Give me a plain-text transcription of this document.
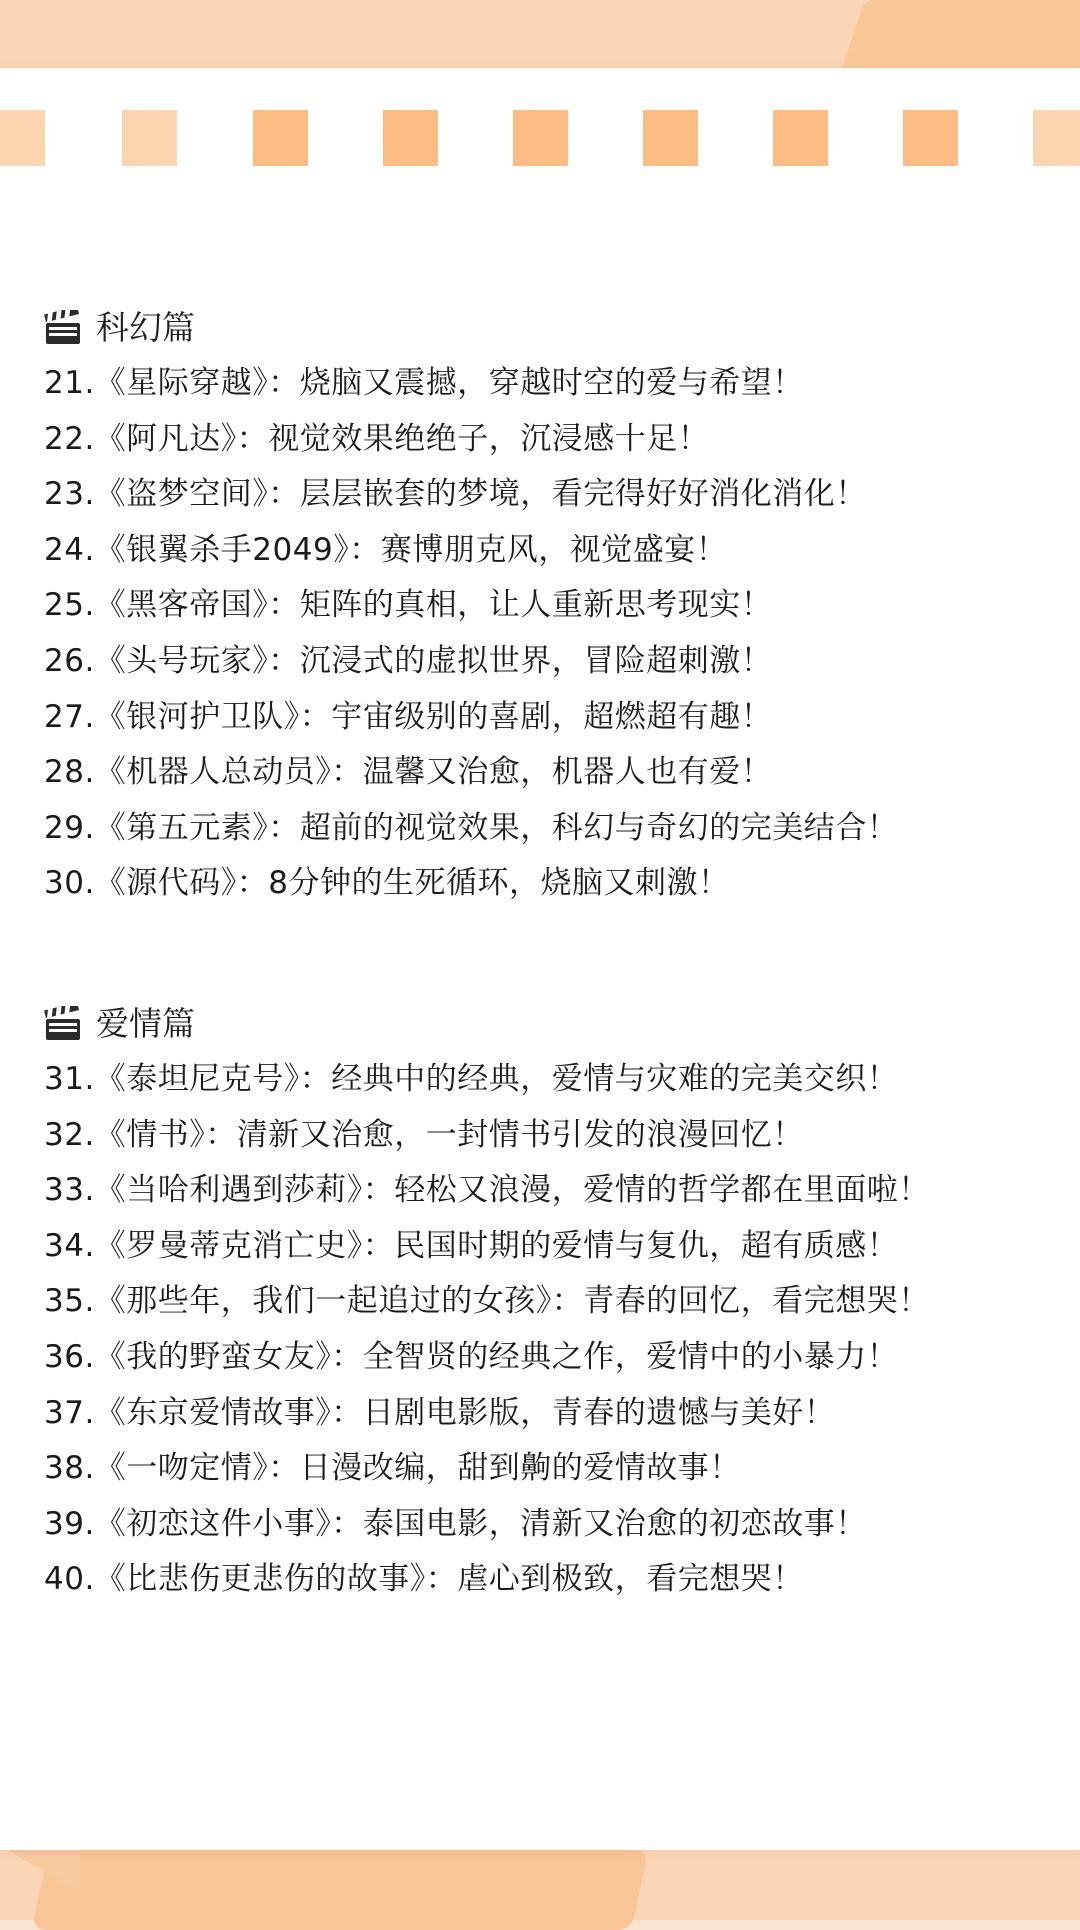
科幻篇
21.《星际穿越》：烧脑又震撼，穿越时空的爱与希望！
22.《阿凡达》：视觉效果绝绝子，沉浸感十足！
23.《盗梦空间》：层层嵌套的梦境，看完得好好消化消化！
24.《银翼杀手2049》：赛博朋克风，视觉盛宴！
25.《黑客帝国》：矩阵的真相，让人重新思考现实！
26.《头号玩家》：沉浸式的虚拟世界，冒险超刺激！
27.《银河护卫队》：宇宙级别的喜剧，超燃超有趣！
28.《机器人总动员》：温馨又治愈，机器人也有爱！
29.《第五元素》：超前的视觉效果，科幻与奇幻的完美结合！
30.《源代码》：8分钟的生死循环，烧脑又刺激！
爱情篇
31.《泰坦尼克号》：经典中的经典，爱情与灾难的完美交织！
32.《情书》：清新又治愈，一封情书引发的浪漫回忆！
33.《当哈利遇到莎莉》：轻松又浪漫，爱情的哲学都在里面啦！
34.《罗曼蒂克消亡史》：民国时期的爱情与复仇，超有质感！
35.《那些年，我们一起追过的女孩》：青春的回忆，看完想哭！
36.《我的野蛮女友》：全智贤的经典之作，爱情中的小暴力！
37.《东京爱情故事》：日剧电影版，青春的遗憾与美好！
38.《一吻定情》：日漫改编，甜到齁的爱情故事！
39.《初恋这件小事》：泰国电影，清新又治愈的初恋故事！
40.《比悲伤更悲伤的故事》：虐心到极致，看完想哭！
